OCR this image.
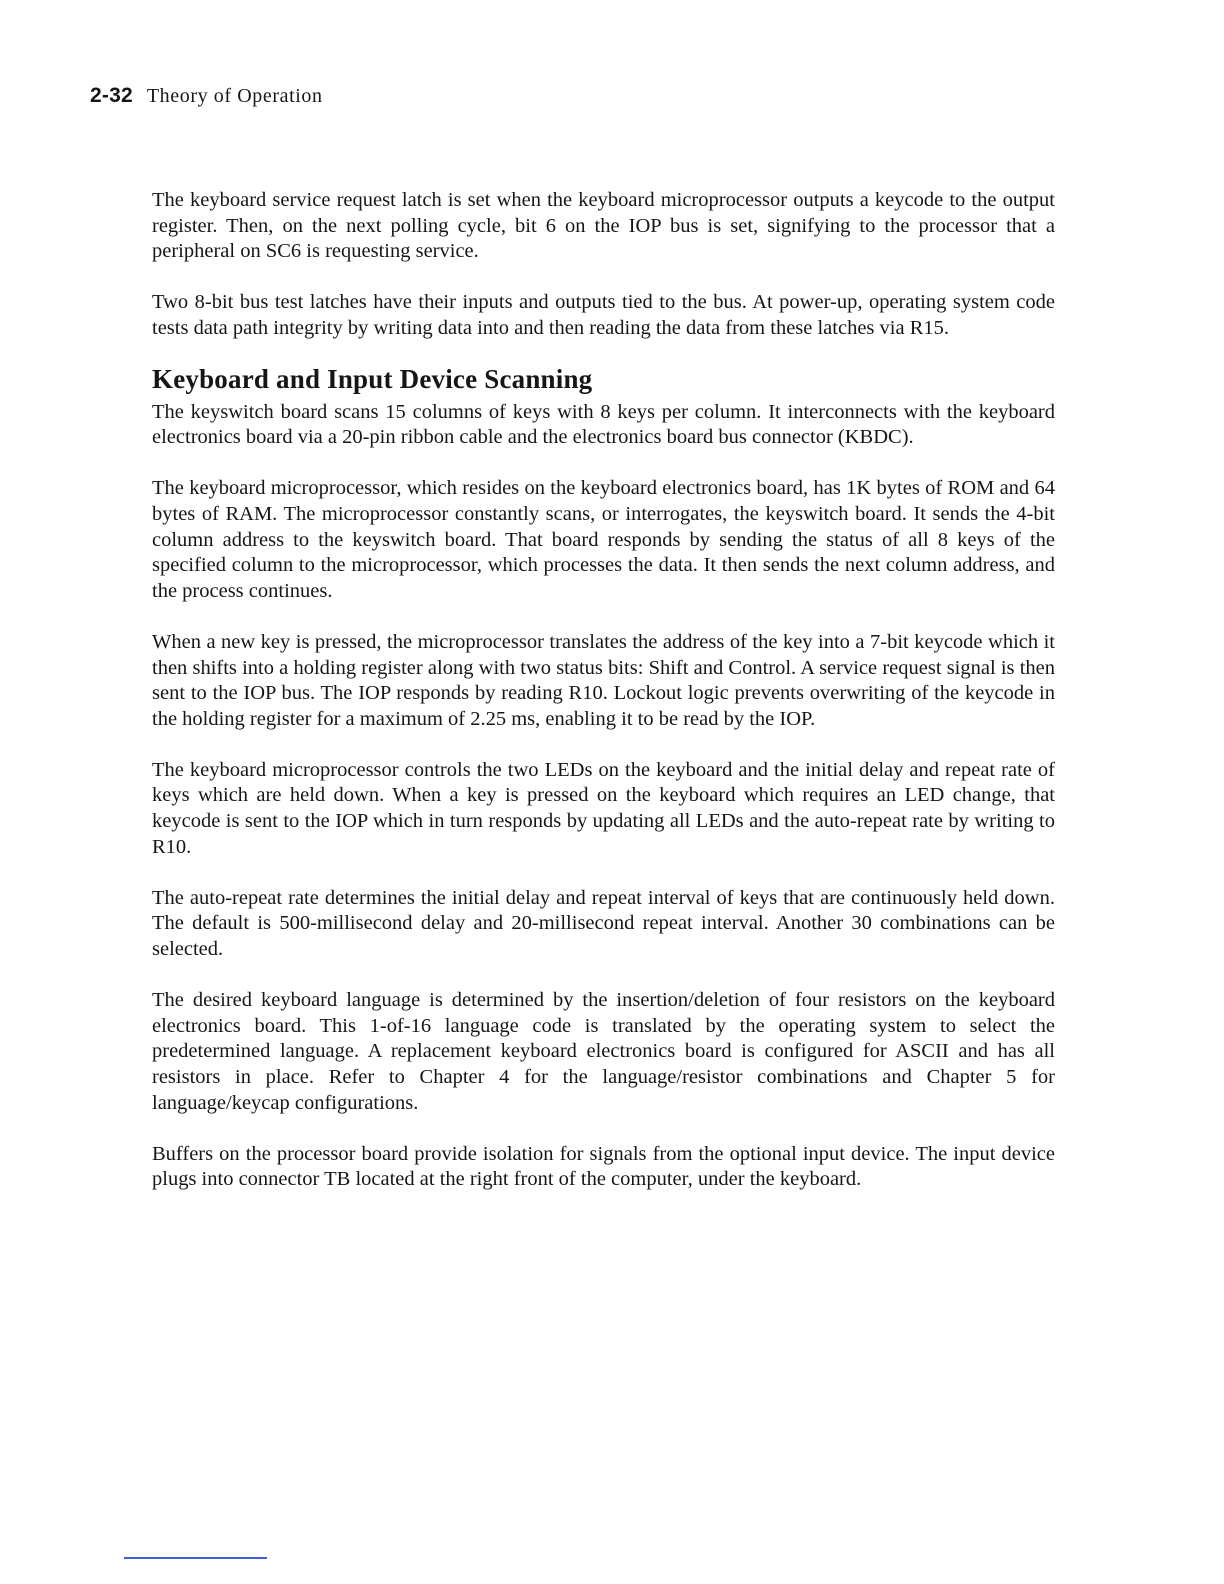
2-32 Theory of Operation

The keyboard service request latch is set when the keyboard microprocessor outputs a keycode to the output register. Then, on the next polling cycle, bit 6 on the IOP bus is set, signifying to the processor that a peripheral on SC6 is requesting service.

Two 8-bit bus test latches have their inputs and outputs tied to the bus. At power-up, operating system code tests data path integrity by writing data into and then reading the data from these latches via R15.

Keyboard and Input Device Scanning

The keyswitch board scans 15 columns of keys with 8 keys per column. It interconnects with the keyboard electronics board via a 20-pin ribbon cable and the electronics board bus connector (KBDC).

The keyboard microprocessor, which resides on the keyboard electronics board, has 1K bytes of ROM and 64 bytes of RAM. The microprocessor constantly scans, or interrogates, the keyswitch board. It sends the 4-bit column address to the keyswitch board. That board responds by sending the status of all 8 keys of the specified column to the microprocessor, which processes the data. It then sends the next column address, and the process continues.

When a new key is pressed, the microprocessor translates the address of the key into a 7-bit keycode which it then shifts into a holding register along with two status bits: Shift and Control. A service request signal is then sent to the IOP bus. The IOP responds by reading R10. Lockout logic prevents overwriting of the keycode in the holding register for a maximum of 2.25 ms, enabling it to be read by the IOP.

The keyboard microprocessor controls the two LEDs on the keyboard and the initial delay and repeat rate of keys which are held down. When a key is pressed on the keyboard which requires an LED change, that keycode is sent to the IOP which in turn responds by updating all LEDs and the auto-repeat rate by writing to R10.

The auto-repeat rate determines the initial delay and repeat interval of keys that are continuously held down. The default is 500-millisecond delay and 20-millisecond repeat interval. Another 30 combinations can be selected.

The desired keyboard language is determined by the insertion/deletion of four resistors on the keyboard electronics board. This 1-of-16 language code is translated by the operating system to select the predetermined language. A replacement keyboard electronics board is configured for ASCII and has all resistors in place. Refer to Chapter 4 for the language/resistor combinations and Chapter 5 for language/keycap configurations.

Buffers on the processor board provide isolation for signals from the optional input device. The input device plugs into connector TB located at the right front of the computer, under the keyboard.
